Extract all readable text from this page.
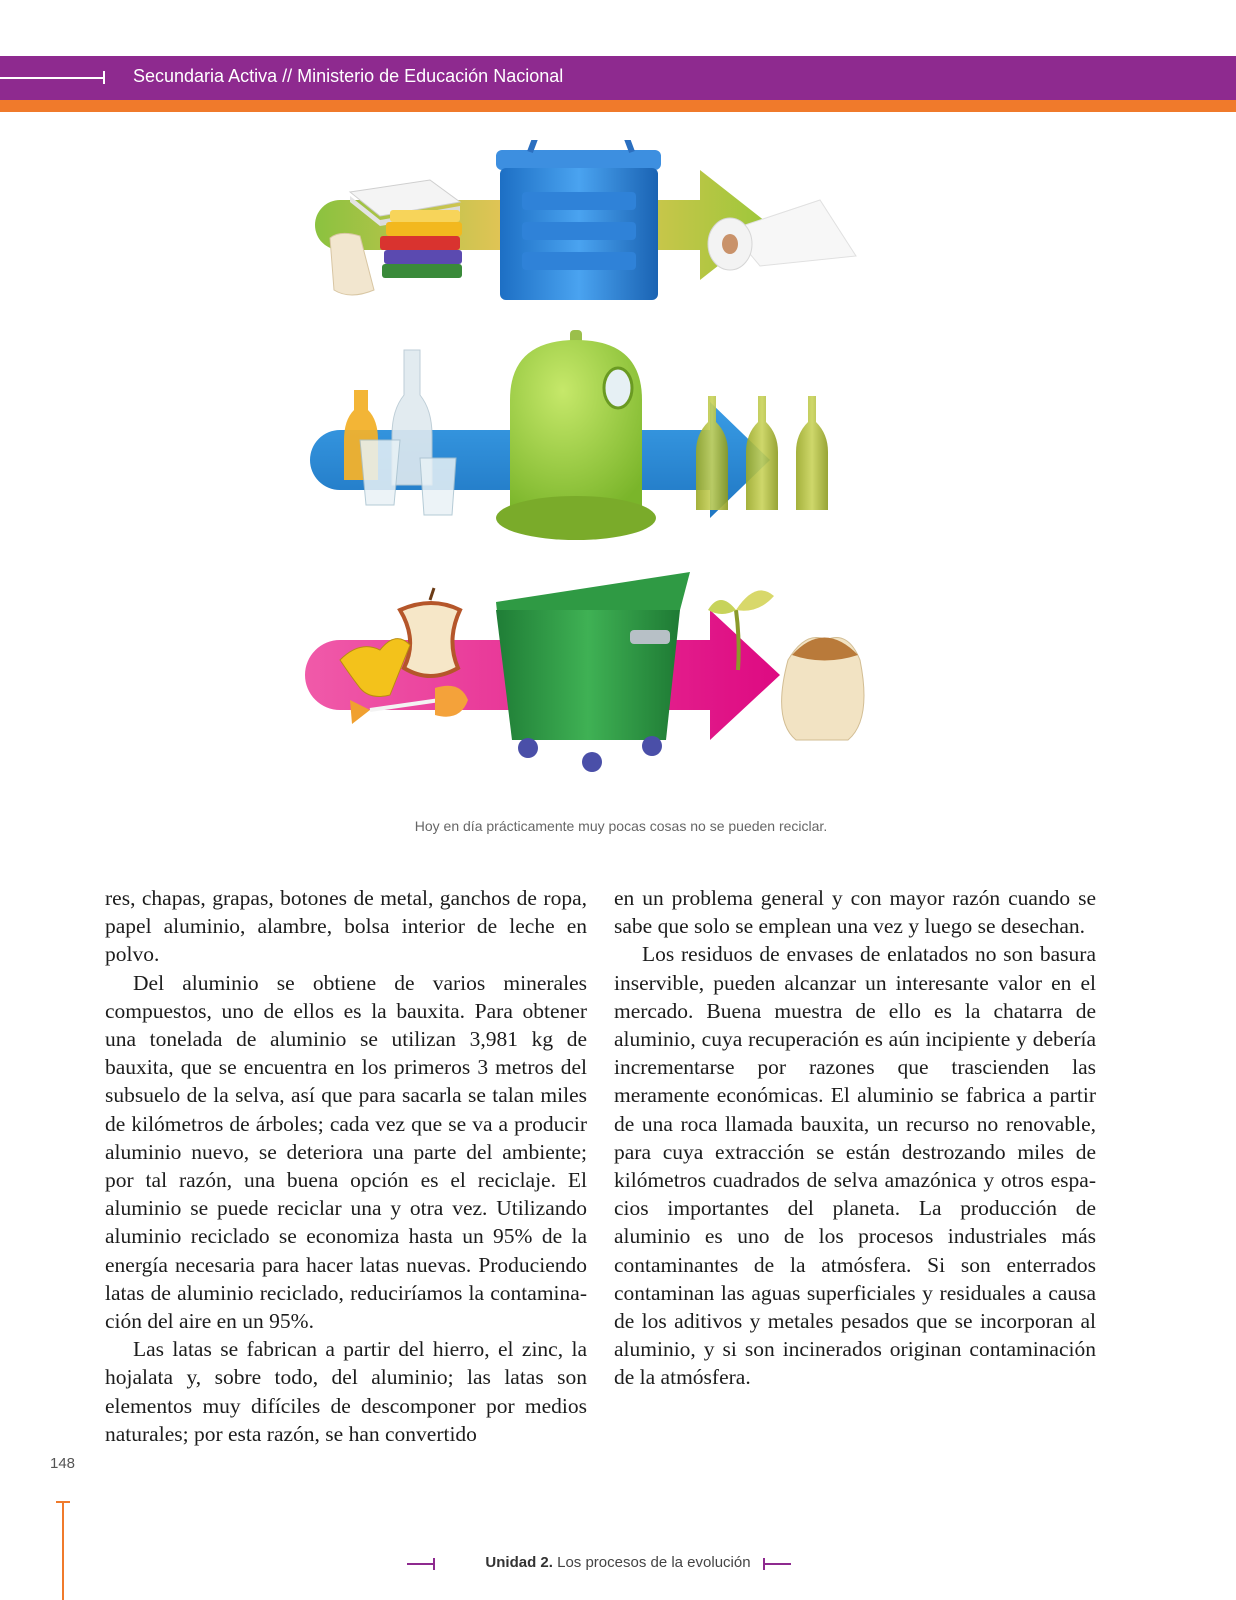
Secundaria Activa // Ministerio de Educación Nacional
Hoy en día prácticamente muy pocas cosas no se pueden reciclar.

res, chapas, grapas, botones de metal, ganchos de ropa, papel aluminio, alambre, bolsa interior de leche en polvo.

Del aluminio se obtiene de varios minerales compuestos, uno de ellos es la bauxita. Para obtener una tonelada de aluminio se utilizan 3,981 kg de bauxita, que se encuentra en los primeros 3 metros del subsuelo de la selva, así que para sacarla se talan miles de kilómetros de árboles; cada vez que se va a producir aluminio nuevo, se deteriora una parte del ambiente; por tal razón, una buena opción es el reciclaje. El aluminio se puede reciclar una y otra vez. Utilizando aluminio reciclado se economiza hasta un 95% de la energía necesaria para hacer latas nuevas. Produciendo latas de aluminio reciclado, reduciríamos la contaminación del aire en un 95%.

Las latas se fabrican a partir del hierro, el zinc, la hojalata y, sobre todo, del aluminio; las latas son elementos muy difíciles de descomponer por medios naturales; por esta razón, se han convertido

en un problema general y con mayor razón cuando se sabe que solo se emplean una vez y luego se desechan.

Los residuos de envases de enlatados no son basura inservible, pueden alcanzar un interesante valor en el mercado. Buena muestra de ello es la chatarra de aluminio, cuya recuperación es aún incipiente y debería incrementarse por razones que trascienden las meramente económicas. El aluminio se fabrica a partir de una roca llamada bauxita, un recurso no renovable, para cuya extracción se están destrozando miles de kilómetros cuadrados de selva amazónica y otros espacios importantes del planeta. La producción de aluminio es uno de los procesos industriales más contaminantes de la atmósfera. Si son enterrados contaminan las aguas superficiales y residuales a causa de los aditivos y metales pesados que se incorporan al aluminio, y si son incinerados originan contaminación de la atmósfera.

148
Unidad 2. Los procesos de la evolución
